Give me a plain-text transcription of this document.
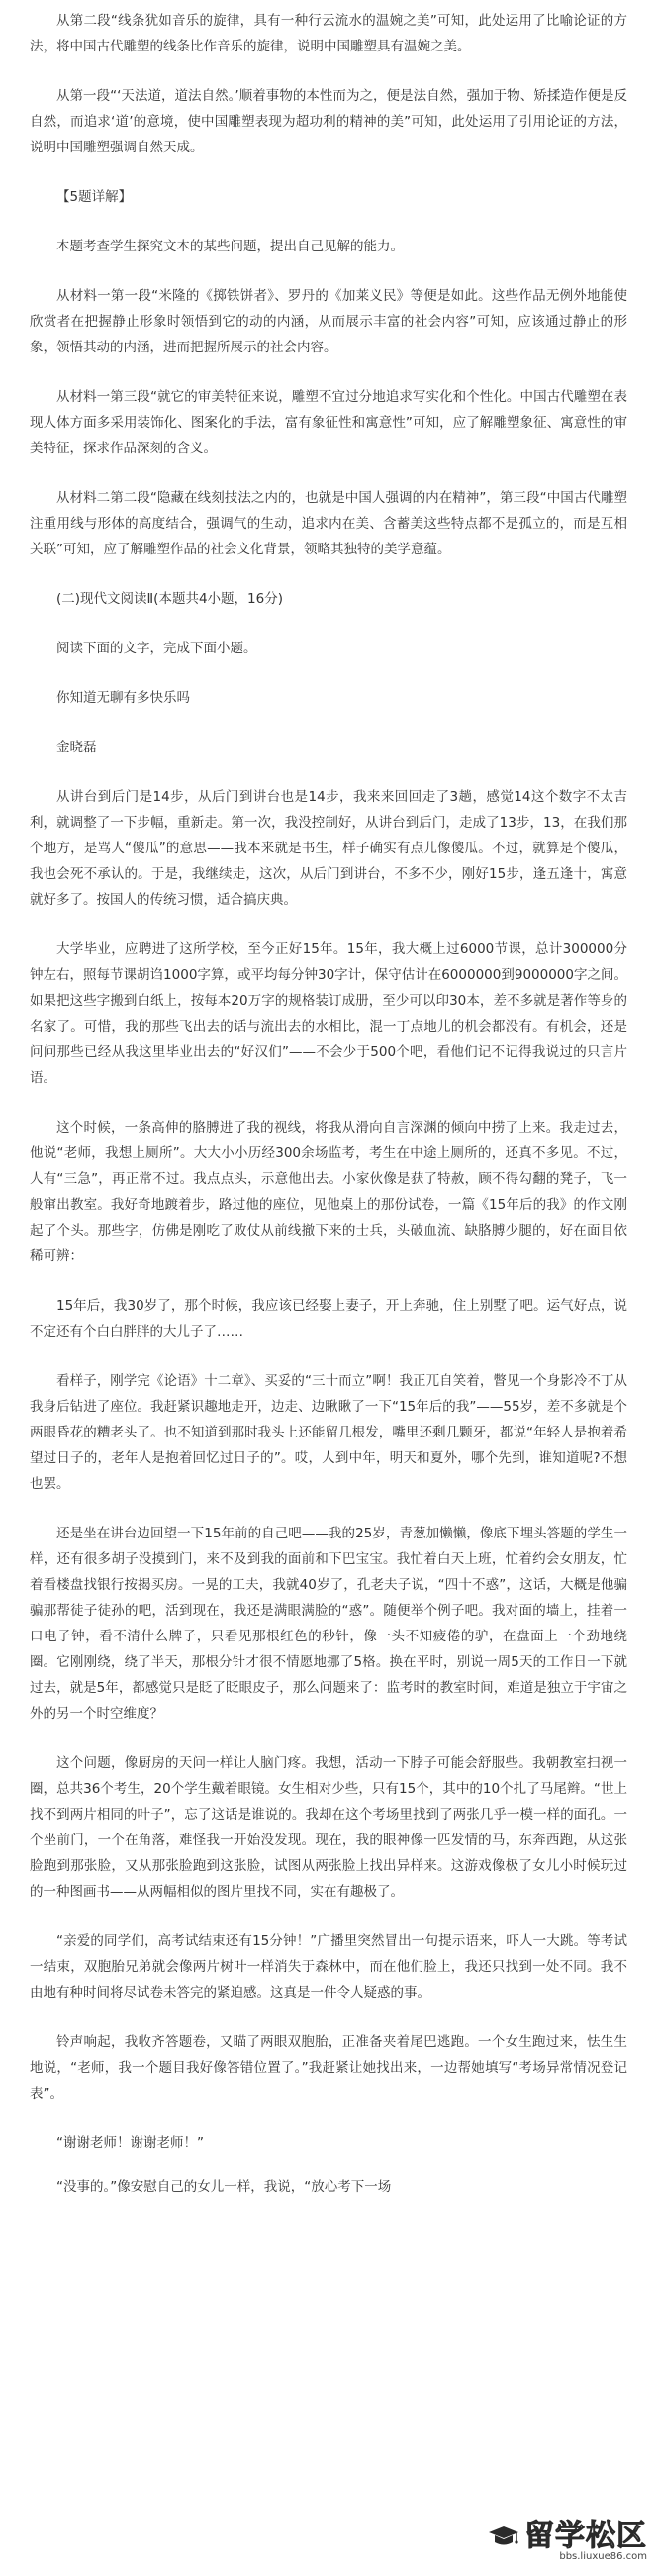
从第二段“线条犹如音乐的旋律，具有一种行云流水的温婉之美”可知，此处运用了比喻论证的方法，将中国古代雕塑的线条比作音乐的旋律，说明中国雕塑具有温婉之美。

从第一段“‘天法道，道法自然。’顺着事物的本性而为之，便是法自然，强加于物、矫揉造作便是反自然，而追求‘道’的意境，使中国雕塑表现为超功利的精神的美”可知，此处运用了引用论证的方法，说明中国雕塑强调自然天成。

【5题详解】

本题考查学生探究文本的某些问题，提出自己见解的能力。

从材料一第一段“米隆的《掷铁饼者》、罗丹的《加莱义民》等便是如此。这些作品无例外地能使欣赏者在把握静止形象时领悟到它的动的内涵，从而展示丰富的社会内容”可知，应该通过静止的形象，领悟其动的内涵，进而把握所展示的社会内容。

从材料一第三段“就它的审美特征来说，雕塑不宜过分地追求写实化和个性化。中国古代雕塑在表现人体方面多采用装饰化、图案化的手法，富有象征性和寓意性”可知，应了解雕塑象征、寓意性的审美特征，探求作品深刻的含义。

从材料二第二段“隐藏在线刻技法之内的，也就是中国人强调的内在精神”，第三段“中国古代雕塑注重用线与形体的高度结合，强调气的生动，追求内在美、含蓄美这些特点都不是孤立的，而是互相关联”可知，应了解雕塑作品的社会文化背景，领略其独特的美学意蕴。

(二)现代文阅读Ⅱ(本题共4小题，16分)

阅读下面的文字，完成下面小题。

你知道无聊有多快乐吗

金晓磊

从讲台到后门是14步，从后门到讲台也是14步，我来来回回走了3趟，感觉14这个数字不太吉利，就调整了一下步幅，重新走。第一次，我没控制好，从讲台到后门，走成了13步，13，在我们那个地方，是骂人“傻瓜”的意思——我本来就是书生，样子确实有点儿像傻瓜。不过，就算是个傻瓜，我也会死不承认的。于是，我继续走，这次，从后门到讲台，不多不少，刚好15步，逢五逢十，寓意就好多了。按国人的传统习惯，适合搞庆典。

大学毕业，应聘进了这所学校，至今正好15年。15年，我大概上过6000节课，总计300000分钟左右，照每节课胡诌1000字算，或平均每分钟30字计，保守估计在6000000到9000000字之间。如果把这些字搬到白纸上，按每本20万字的规格装订成册，至少可以印30本，差不多就是著作等身的名家了。可惜，我的那些飞出去的话与流出去的水相比，混一丁点地儿的机会都没有。有机会，还是问问那些已经从我这里毕业出去的“好汉们”——不会少于500个吧，看他们记不记得我说过的只言片语。

这个时候，一条高伸的胳膊进了我的视线，将我从滑向自言深渊的倾向中捞了上来。我走过去，他说“老师，我想上厕所”。大大小小历经300余场监考，考生在中途上厕所的，还真不多见。不过，人有“三急”，再正常不过。我点点头，示意他出去。小家伙像是获了特赦，顾不得勾翻的凳子，飞一般窜出教室。我好奇地踱着步，路过他的座位，见他桌上的那份试卷，一篇《15年后的我》的作文刚起了个头。那些字，仿佛是刚吃了败仗从前线撤下来的士兵，头破血流、缺胳膊少腿的，好在面目依稀可辨：

15年后，我30岁了，那个时候，我应该已经娶上妻子，开上奔驰，住上别墅了吧。运气好点，说不定还有个白白胖胖的大儿子了……

看样子，刚学完《论语》十二章》、买妥的“三十而立”啊！我正兀自笑着，瞥见一个身影冷不丁从我身后钻进了座位。我赶紧识趣地走开，边走、边瞅瞅了一下“15年后的我”——55岁，差不多就是个两眼昏花的糟老头了。也不知道到那时我头上还能留几根发，嘴里还剩几颗牙，都说“年轻人是抱着希望过日子的，老年人是抱着回忆过日子的”。哎，人到中年，明天和夏外，哪个先到，谁知道呢?不想也罢。

还是坐在讲台边回望一下15年前的自己吧——我的25岁，青葱加懒懒，像底下埋头答题的学生一样，还有很多胡子没摸到门，来不及到我的面前和下巴宝宝。我忙着白天上班，忙着约会女朋友，忙着看楼盘找银行按揭买房。一晃的工夫，我就40岁了，孔老夫子说，“四十不惑”，这话，大概是他骗骗那帮徒子徒孙的吧，活到现在，我还是满眼满脸的“惑”。随便举个例子吧。我对面的墙上，挂着一口电子钟，看不清什么牌子，只看见那根红色的秒针，像一头不知疲倦的驴，在盘面上一个劲地绕圈。它刚刚绕，绕了半天，那根分针才很不情愿地挪了5格。换在平时，别说一周5天的工作日一下就过去，就是5年，都感觉只是眨了眨眼皮子，那么问题来了：监考时的教室时间，难道是独立于宇宙之外的另一个时空维度？

这个问题，像厨房的天问一样让人脑门疼。我想，活动一下脖子可能会舒服些。我朝教室扫视一圈，总共36个考生，20个学生戴着眼镜。女生相对少些，只有15个，其中的10个扎了马尾辫。“世上找不到两片相同的叶子”，忘了这话是谁说的。我却在这个考场里找到了两张几乎一模一样的面孔。一个坐前门，一个在角落，难怪我一开始没发现。现在，我的眼神像一匹发情的马，东奔西跑，从这张脸跑到那张脸，又从那张脸跑到这张脸，试图从两张脸上找出异样来。这游戏像极了女儿小时候玩过的一种图画书——从两幅相似的图片里找不同，实在有趣极了。

“亲爱的同学们，高考试结束还有15分钟！”广播里突然冒出一句提示语来，吓人一大跳。等考试一结束，双胞胎兄弟就会像两片树叶一样消失于森林中，而在他们脸上，我还只找到一处不同。我不由地有种时间将尽试卷未答完的紧迫感。这真是一件令人疑惑的事。

铃声响起，我收齐答题卷，又瞄了两眼双胞胎，正准备夹着尾巴逃跑。一个女生跑过来，怯生生地说，“老师，我一个题目我好像答错位置了。”我赶紧让她找出来，一边帮她填写“考场异常情况登记表”。

“谢谢老师！谢谢老师！”

“没事的。”像安慰自己的女儿一样，我说，“放心考下一场

留学松区
bbs.liuxue86.com
